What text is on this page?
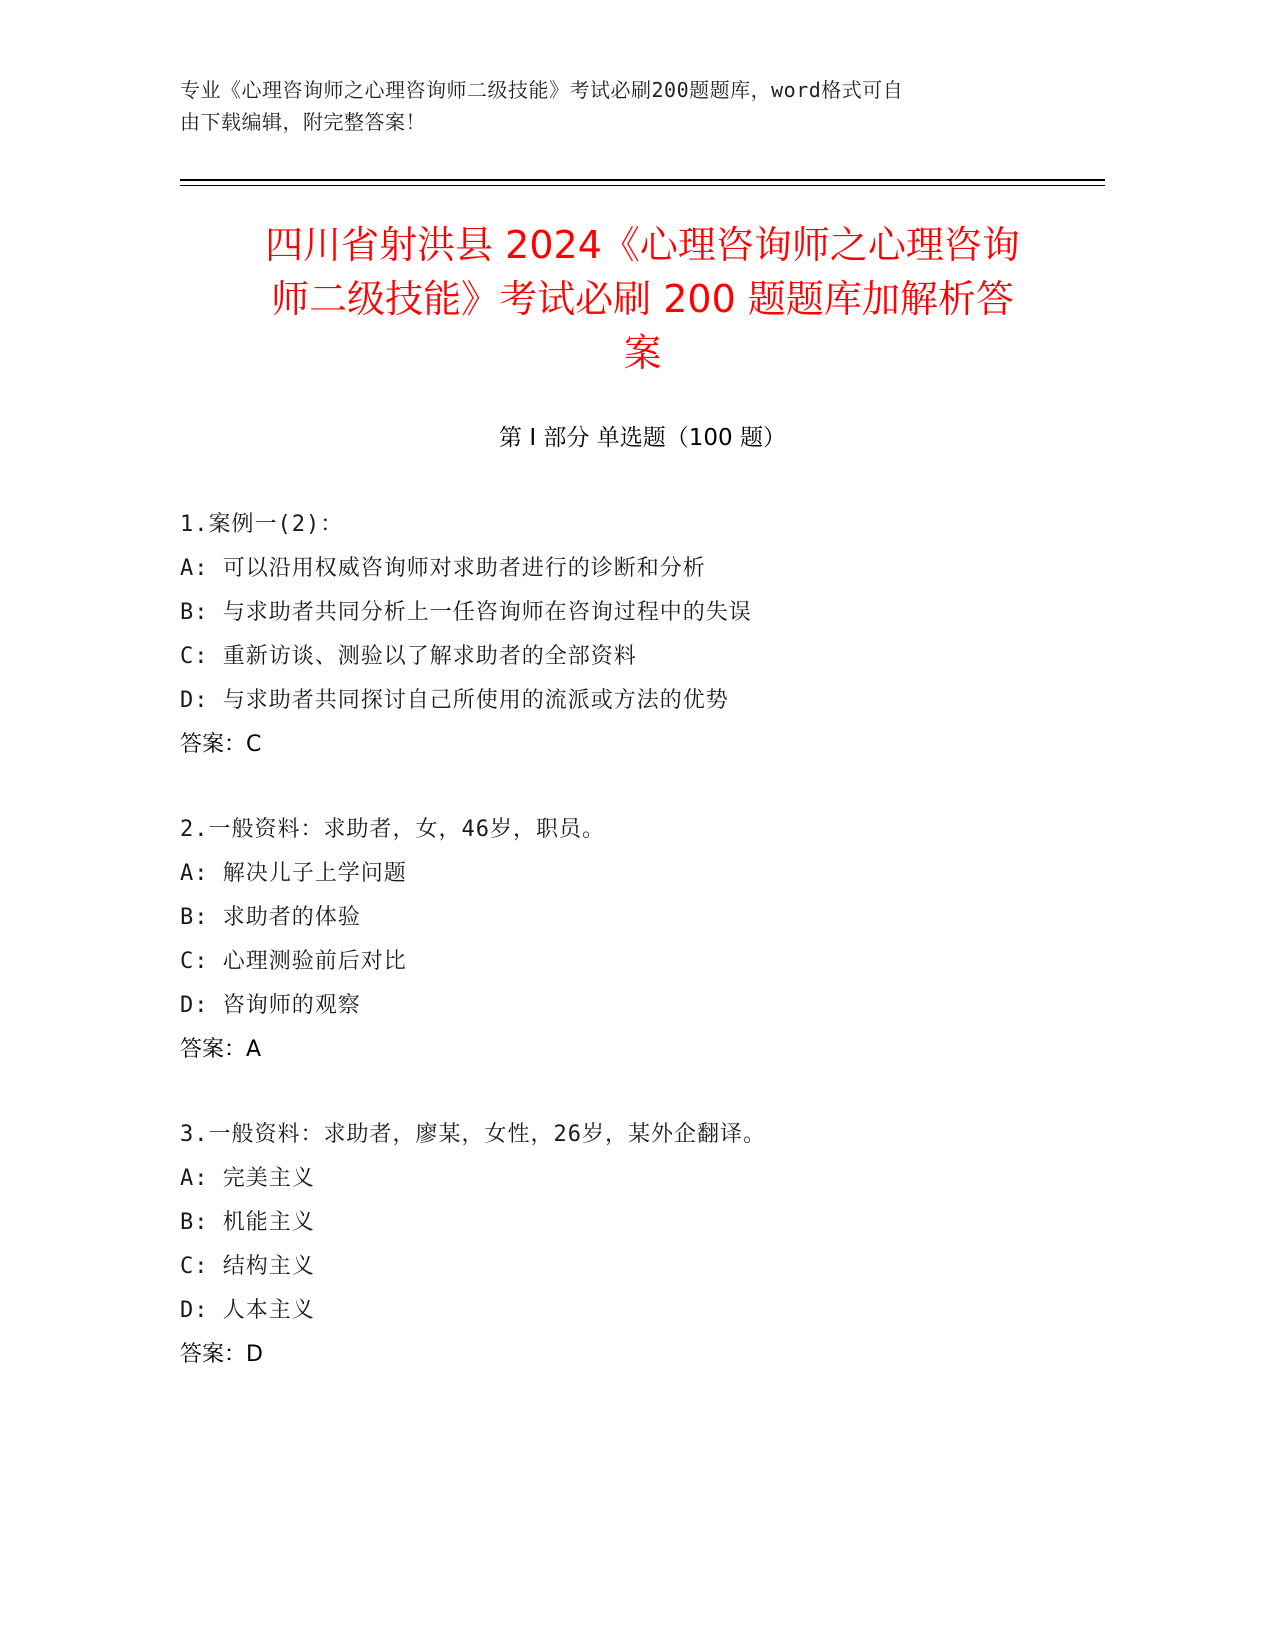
专业《心理咨询师之心理咨询师二级技能》考试必刷200题题库，word格式可自
由下载编辑，附完整答案！
四川省射洪县 2024《心理咨询师之心理咨询
师二级技能》考试必刷 200 题题库加解析答
案
第 I 部分 单选题（100 题）
1.案例一(2)：
A: 可以沿用权威咨询师对求助者进行的诊断和分析
B: 与求助者共同分析上一任咨询师在咨询过程中的失误
C: 重新访谈、测验以了解求助者的全部资料
D: 与求助者共同探讨自己所使用的流派或方法的优势
答案：C
2.一般资料：求助者，女，46岁，职员。
A: 解决儿子上学问题
B: 求助者的体验
C: 心理测验前后对比
D: 咨询师的观察
答案：A
3.一般资料：求助者，廖某，女性，26岁，某外企翻译。
A: 完美主义
B: 机能主义
C: 结构主义
D: 人本主义
答案：D
